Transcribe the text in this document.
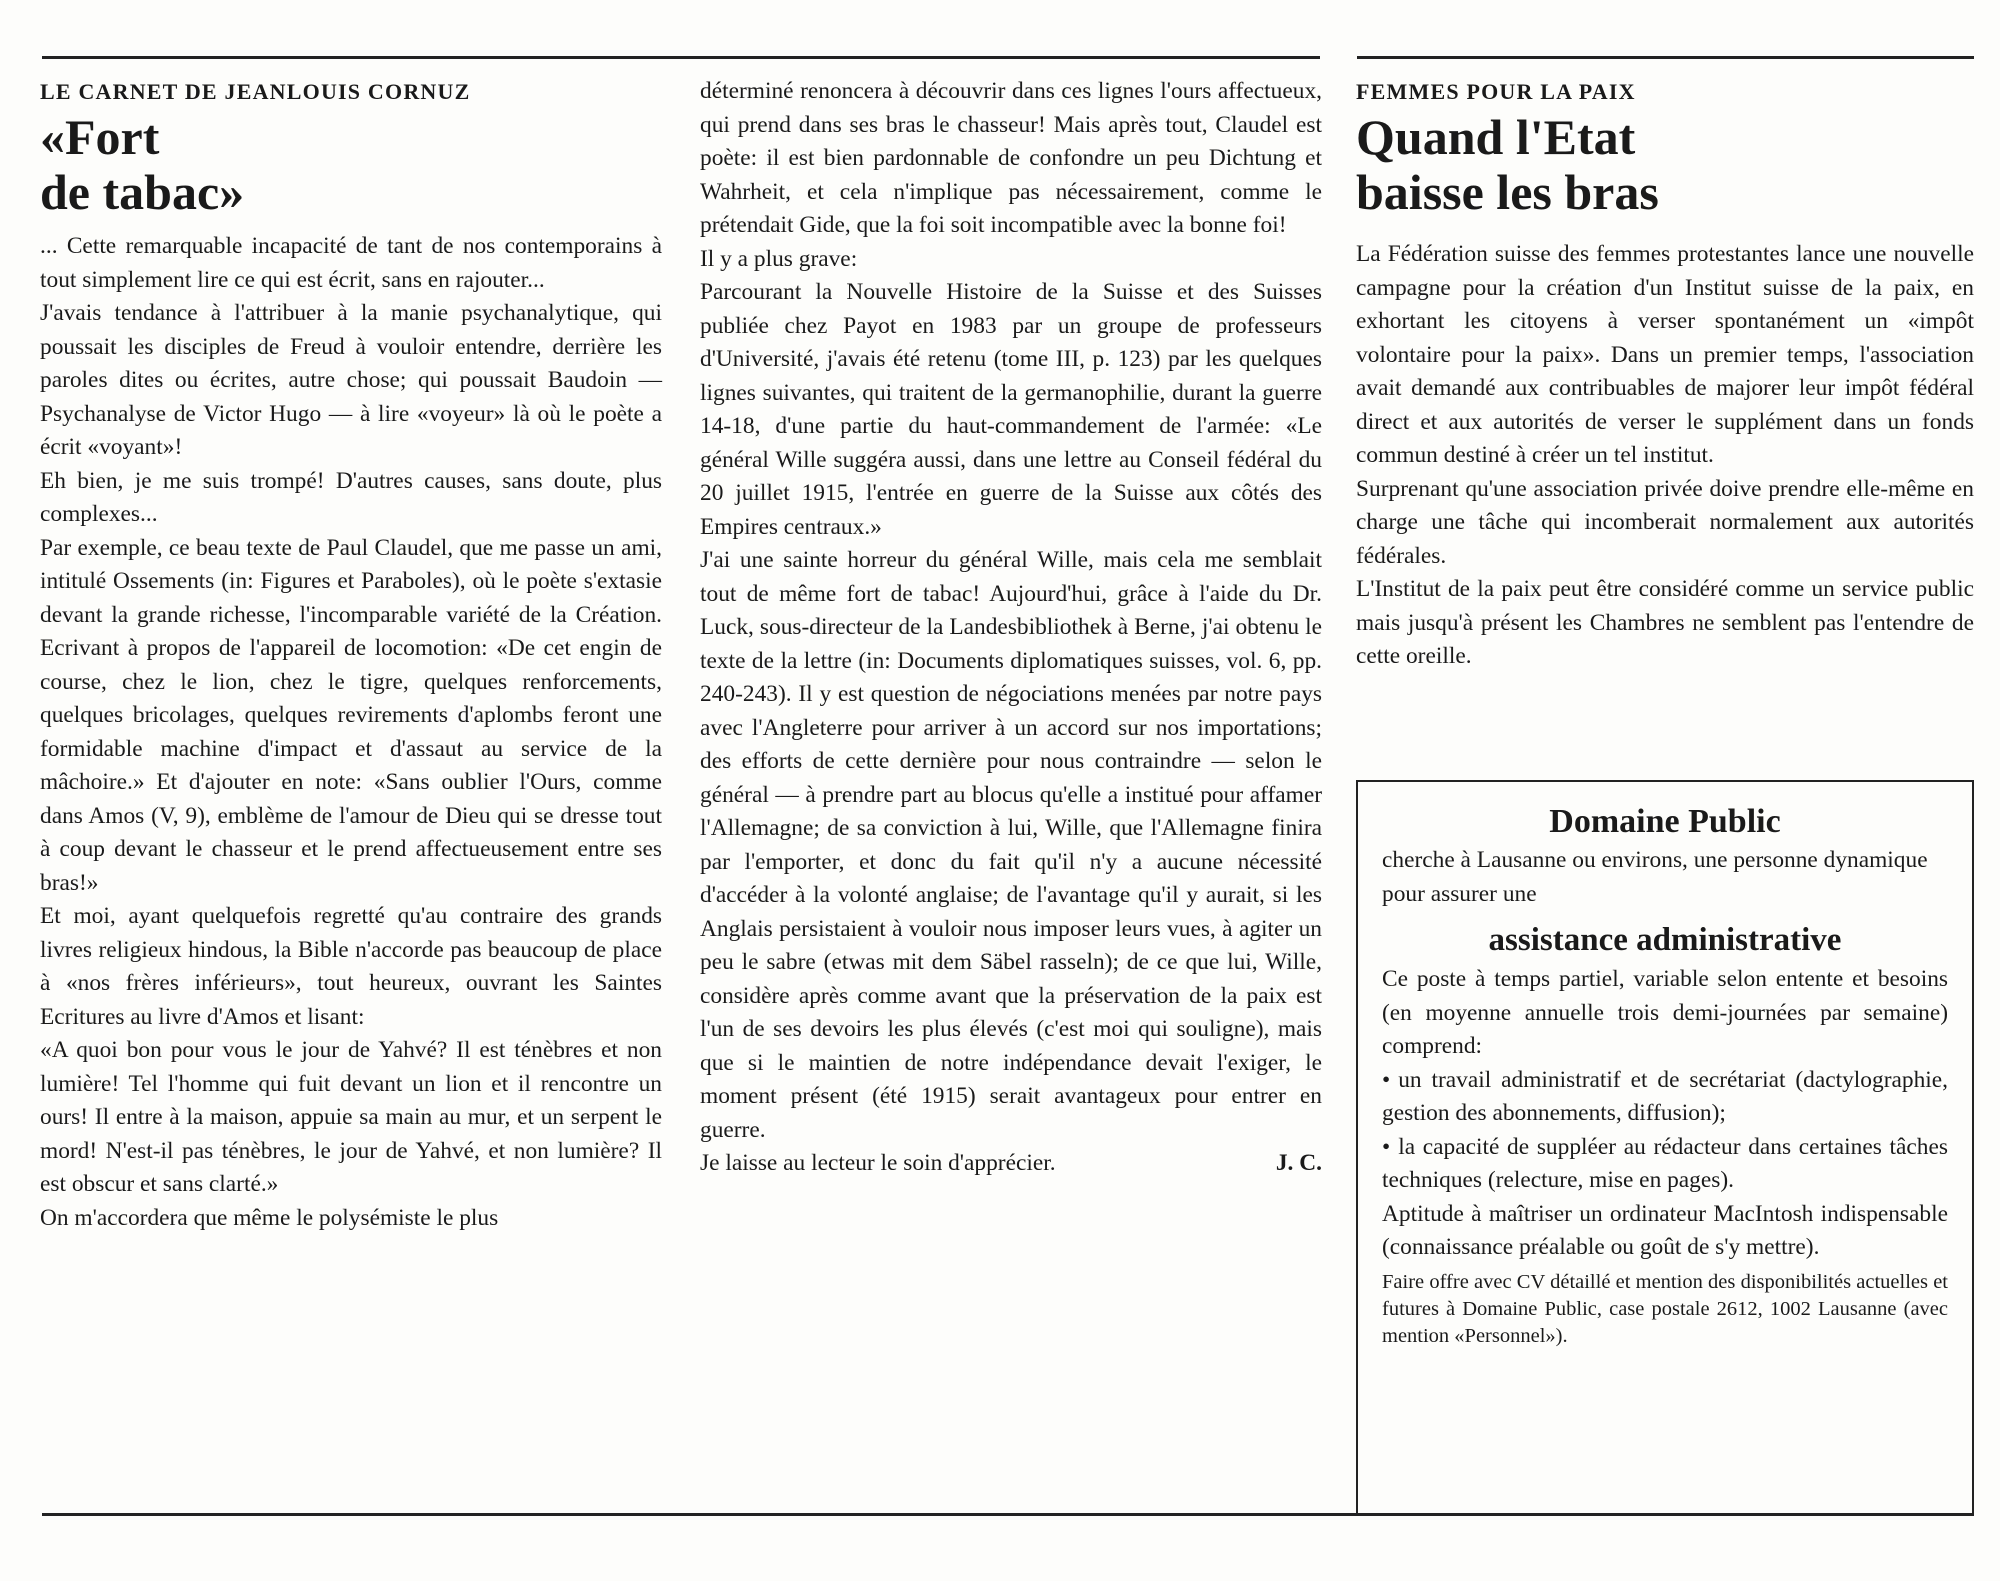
LE CARNET DE JEANLOUIS CORNUZ

«Fort
de tabac»

... Cette remarquable incapacité de tant de nos contemporains à tout simplement lire ce qui est écrit, sans en rajouter...

J'avais tendance à l'attribuer à la manie psychanalytique, qui poussait les disciples de Freud à vouloir entendre, derrière les paroles dites ou écrites, autre chose; qui poussait Baudoin — Psychanalyse de Victor Hugo — à lire «voyeur» là où le poète a écrit «voyant»!

Eh bien, je me suis trompé! D'autres causes, sans doute, plus complexes...

Par exemple, ce beau texte de Paul Claudel, que me passe un ami, intitulé Ossements (in: Figures et Paraboles), où le poète s'extasie devant la grande richesse, l'incomparable variété de la Création. Ecrivant à propos de l'appareil de locomotion: «De cet engin de course, chez le lion, chez le tigre, quelques renforcements, quelques bricolages, quelques revirements d'aplombs feront une formidable machine d'impact et d'assaut au service de la mâchoire.» Et d'ajouter en note: «Sans oublier l'Ours, comme dans Amos (V, 9), emblème de l'amour de Dieu qui se dresse tout à coup devant le chasseur et le prend affectueusement entre ses bras!»

Et moi, ayant quelquefois regretté qu'au contraire des grands livres religieux hindous, la Bible n'accorde pas beaucoup de place à «nos frères inférieurs», tout heureux, ouvrant les Saintes Ecritures au livre d'Amos et lisant:

«A quoi bon pour vous le jour de Yahvé? Il est ténèbres et non lumière! Tel l'homme qui fuit devant un lion et il rencontre un ours! Il entre à la maison, appuie sa main au mur, et un serpent le mord! N'est-il pas ténèbres, le jour de Yahvé, et non lumière? Il est obscur et sans clarté.»

On m'accordera que même le polysémiste le plus

déterminé renoncera à découvrir dans ces lignes l'ours affectueux, qui prend dans ses bras le chasseur! Mais après tout, Claudel est poète: il est bien pardonnable de confondre un peu Dichtung et Wahrheit, et cela n'implique pas nécessairement, comme le prétendait Gide, que la foi soit incompatible avec la bonne foi!

Il y a plus grave:

Parcourant la Nouvelle Histoire de la Suisse et des Suisses publiée chez Payot en 1983 par un groupe de professeurs d'Université, j'avais été retenu (tome III, p. 123) par les quelques lignes suivantes, qui traitent de la germanophilie, durant la guerre 14-18, d'une partie du haut-commandement de l'armée: «Le général Wille suggéra aussi, dans une lettre au Conseil fédéral du 20 juillet 1915, l'entrée en guerre de la Suisse aux côtés des Empires centraux.»

J'ai une sainte horreur du général Wille, mais cela me semblait tout de même fort de tabac! Aujourd'hui, grâce à l'aide du Dr. Luck, sous-directeur de la Landesbibliothek à Berne, j'ai obtenu le texte de la lettre (in: Documents diplomatiques suisses, vol. 6, pp. 240-243). Il y est question de négociations menées par notre pays avec l'Angleterre pour arriver à un accord sur nos importations; des efforts de cette dernière pour nous contraindre — selon le général — à prendre part au blocus qu'elle a institué pour affamer l'Allemagne; de sa conviction à lui, Wille, que l'Allemagne finira par l'emporter, et donc du fait qu'il n'y a aucune nécessité d'accéder à la volonté anglaise; de l'avantage qu'il y aurait, si les Anglais persistaient à vouloir nous imposer leurs vues, à agiter un peu le sabre (etwas mit dem Säbel rasseln); de ce que lui, Wille, considère après comme avant que la préservation de la paix est l'un de ses devoirs les plus élevés (c'est moi qui souligne), mais que si le maintien de notre indépendance devait l'exiger, le moment présent (été 1915) serait avantageux pour entrer en guerre.

Je laisse au lecteur le soin d'apprécier.	J. C.

FEMMES POUR LA PAIX

Quand l'Etat
baisse les bras

La Fédération suisse des femmes protestantes lance une nouvelle campagne pour la création d'un Institut suisse de la paix, en exhortant les citoyens à verser spontanément un «impôt volontaire pour la paix». Dans un premier temps, l'association avait demandé aux contribuables de majorer leur impôt fédéral direct et aux autorités de verser le supplément dans un fonds commun destiné à créer un tel institut.

Surprenant qu'une association privée doive prendre elle-même en charge une tâche qui incomberait normalement aux autorités fédérales.

L'Institut de la paix peut être considéré comme un service public mais jusqu'à présent les Chambres ne semblent pas l'entendre de cette oreille.

Domaine Public

cherche à Lausanne ou environs, une personne dynamique pour assurer une

assistance administrative

Ce poste à temps partiel, variable selon entente et besoins (en moyenne annuelle trois demi-journées par semaine) comprend:

• un travail administratif et de secrétariat (dactylographie, gestion des abonnements, diffusion);

• la capacité de suppléer au rédacteur dans certaines tâches techniques (relecture, mise en pages).

Aptitude à maîtriser un ordinateur MacIntosh indispensable (connaissance préalable ou goût de s'y mettre).

Faire offre avec CV détaillé et mention des disponibilités actuelles et futures à Domaine Public, case postale 2612, 1002 Lausanne (avec mention «Personnel»).
